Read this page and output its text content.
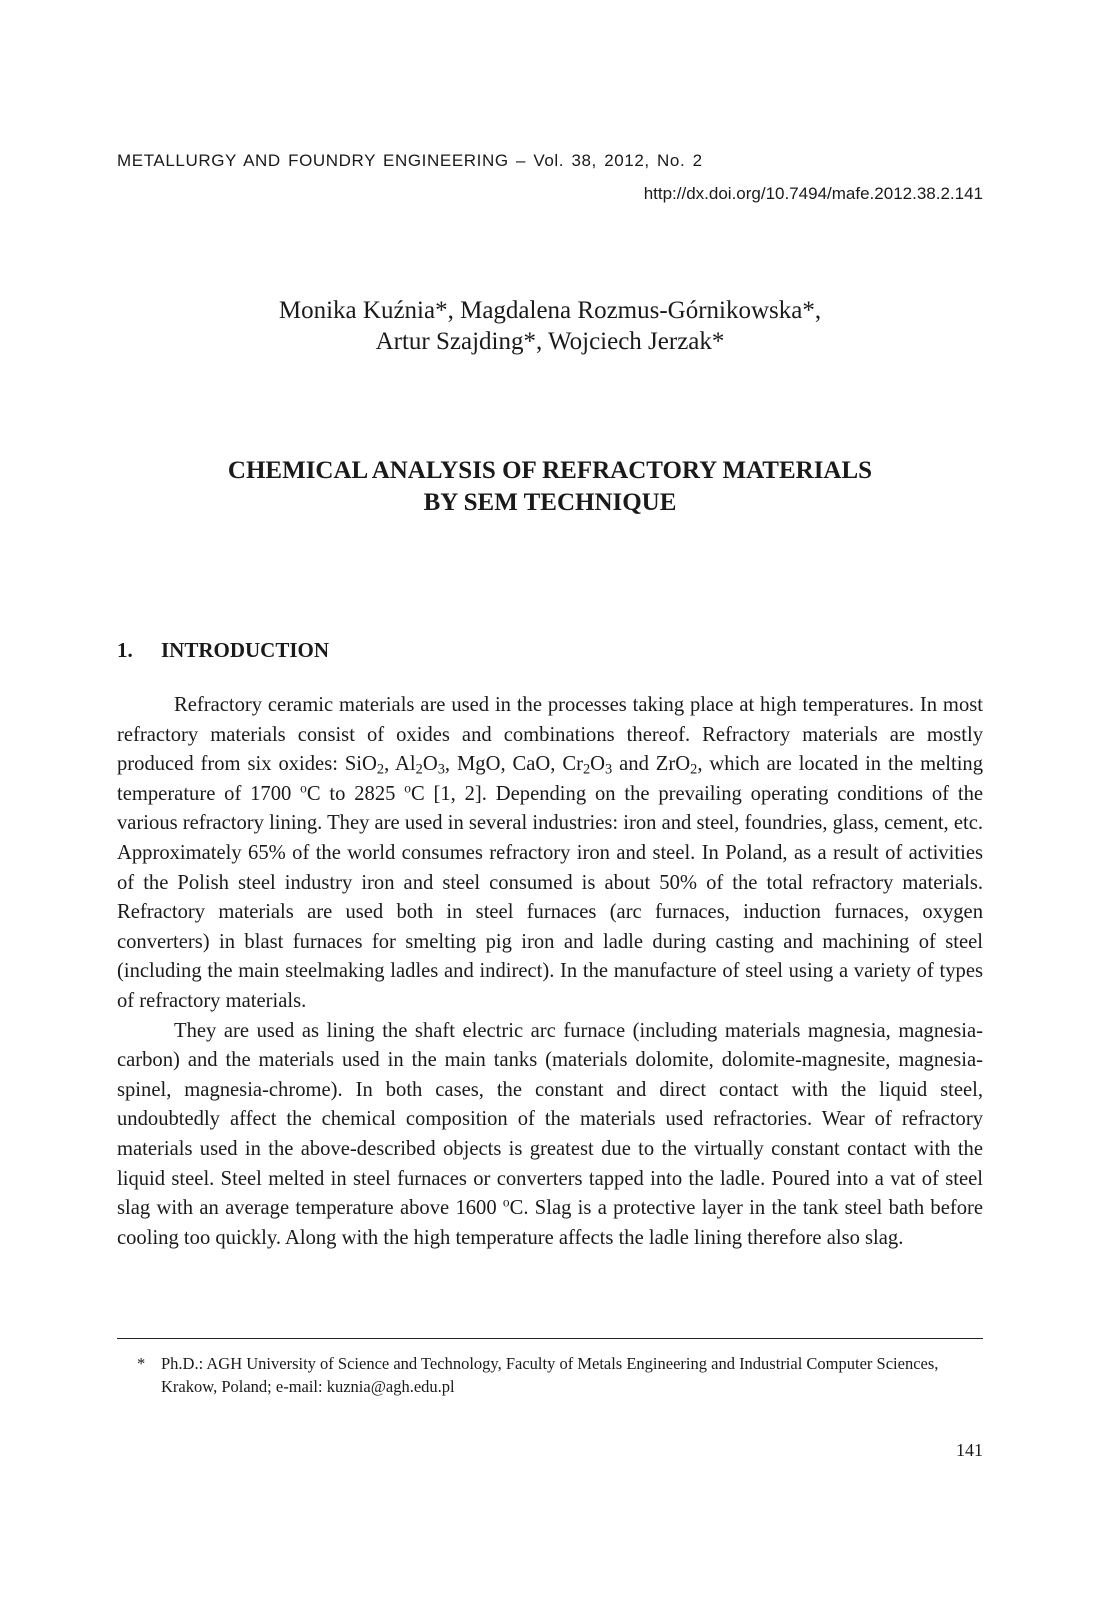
METALLURGY AND FOUNDRY ENGINEERING – Vol. 38, 2012, No. 2
http://dx.doi.org/10.7494/mafe.2012.38.2.141
Monika Kuźnia*, Magdalena Rozmus-Górnikowska*,
Artur Szajding*, Wojciech Jerzak*
CHEMICAL ANALYSIS OF REFRACTORY MATERIALS
BY SEM TECHNIQUE
1. INTRODUCTION

Refractory ceramic materials are used in the processes taking place at high temperatures. In most refractory materials consist of oxides and combinations thereof. Refractory materials are mostly produced from six oxides: SiO$_2$, $Al_2O_3$, MgO, CaO, $Cr_2O_3$ and ZrO$_2$, which are located in the melting temperature of 1700 $^o$C to 2825 $^o$C [1, 2]. Depending on the prevailing operating conditions of the various refractory lining. They are used in several industries: iron and steel, foundries, glass, cement, etc. Approximately 65% of the world consumes refractory iron and steel. In Poland, as a result of activities of the Polish steel industry iron and steel consumed is about 50% of the total refractory materials. Refractory materials are used both in steel furnaces (arc furnaces, induction furnaces, oxygen converters) in blast furnaces for smelting pig iron and ladle during casting and machining of steel (including the main steelmaking ladles and indirect). In the manufacture of steel using a variety of types of refractory materials.

They are used as lining the shaft electric arc furnace (including materials magnesia, magnesia-carbon) and the materials used in the main tanks (materials dolomite, dolomite-magnesite, magnesia-spinel, magnesia-chrome). In both cases, the constant and direct contact with the liquid steel, undoubtedly affect the chemical composition of the materials used refractories. Wear of refractory materials used in the above-described objects is greatest due to the virtually constant contact with the liquid steel. Steel melted in steel furnaces or converters tapped into the ladle. Poured into a vat of steel slag with an average temperature above 1600 $^o$C. Slag is a protective layer in the tank steel bath before cooling too quickly. Along with the high temperature affects the ladle lining therefore also slag.

* Ph.D.: AGH University of Science and Technology, Faculty of Metals Engineering and Industrial Computer Sciences, Krakow, Poland; e-mail: kuznia@agh.edu.pl
141
